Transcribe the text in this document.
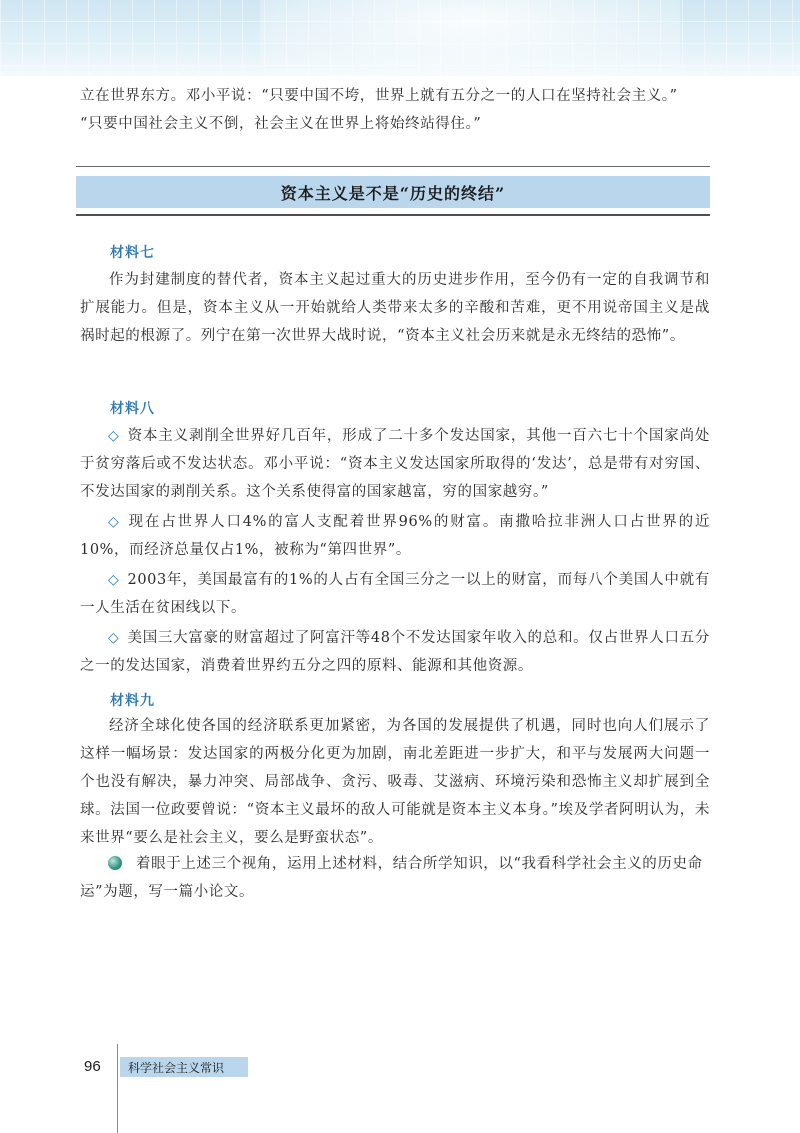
立在世界东方。邓小平说：“只要中国不垮，世界上就有五分之一的人口在坚持社会主义。”

“只要中国社会主义不倒，社会主义在世界上将始终站得住。”

资本主义是不是“历史的终结”

材料七

作为封建制度的替代者，资本主义起过重大的历史进步作用，至今仍有一定的自我调节和扩展能力。但是，资本主义从一开始就给人类带来太多的辛酸和苦难，更不用说帝国主义是战祸时起的根源了。列宁在第一次世界大战时说，“资本主义社会历来就是永无终结的恐怖”。

材料八

◇ 资本主义剥削全世界好几百年，形成了二十多个发达国家，其他一百六七十个国家尚处于贫穷落后或不发达状态。邓小平说：“资本主义发达国家所取得的‘发达’，总是带有对穷国、不发达国家的剥削关系。这个关系使得富的国家越富，穷的国家越穷。”

◇ 现在占世界人口4%的富人支配着世界96%的财富。南撒哈拉非洲人口占世界的近10%，而经济总量仅占1%，被称为“第四世界”。

◇ 2003年，美国最富有的1%的人占有全国三分之一以上的财富，而每八个美国人中就有一人生活在贫困线以下。

◇ 美国三大富豪的财富超过了阿富汗等48个不发达国家年收入的总和。仅占世界人口五分之一的发达国家，消费着世界约五分之四的原料、能源和其他资源。

材料九

经济全球化使各国的经济联系更加紧密，为各国的发展提供了机遇，同时也向人们展示了这样一幅场景：发达国家的两极分化更为加剧，南北差距进一步扩大，和平与发展两大问题一个也没有解决，暴力冲突、局部战争、贪污、吸毒、艾滋病、环境污染和恐怖主义却扩展到全球。法国一位政要曾说：“资本主义最坏的敌人可能就是资本主义本身。”埃及学者阿明认为，未来世界“要么是社会主义，要么是野蛮状态”。

着眼于上述三个视角，运用上述材料，结合所学知识，以“我看科学社会主义的历史命运”为题，写一篇小论文。
96	科学社会主义常识
